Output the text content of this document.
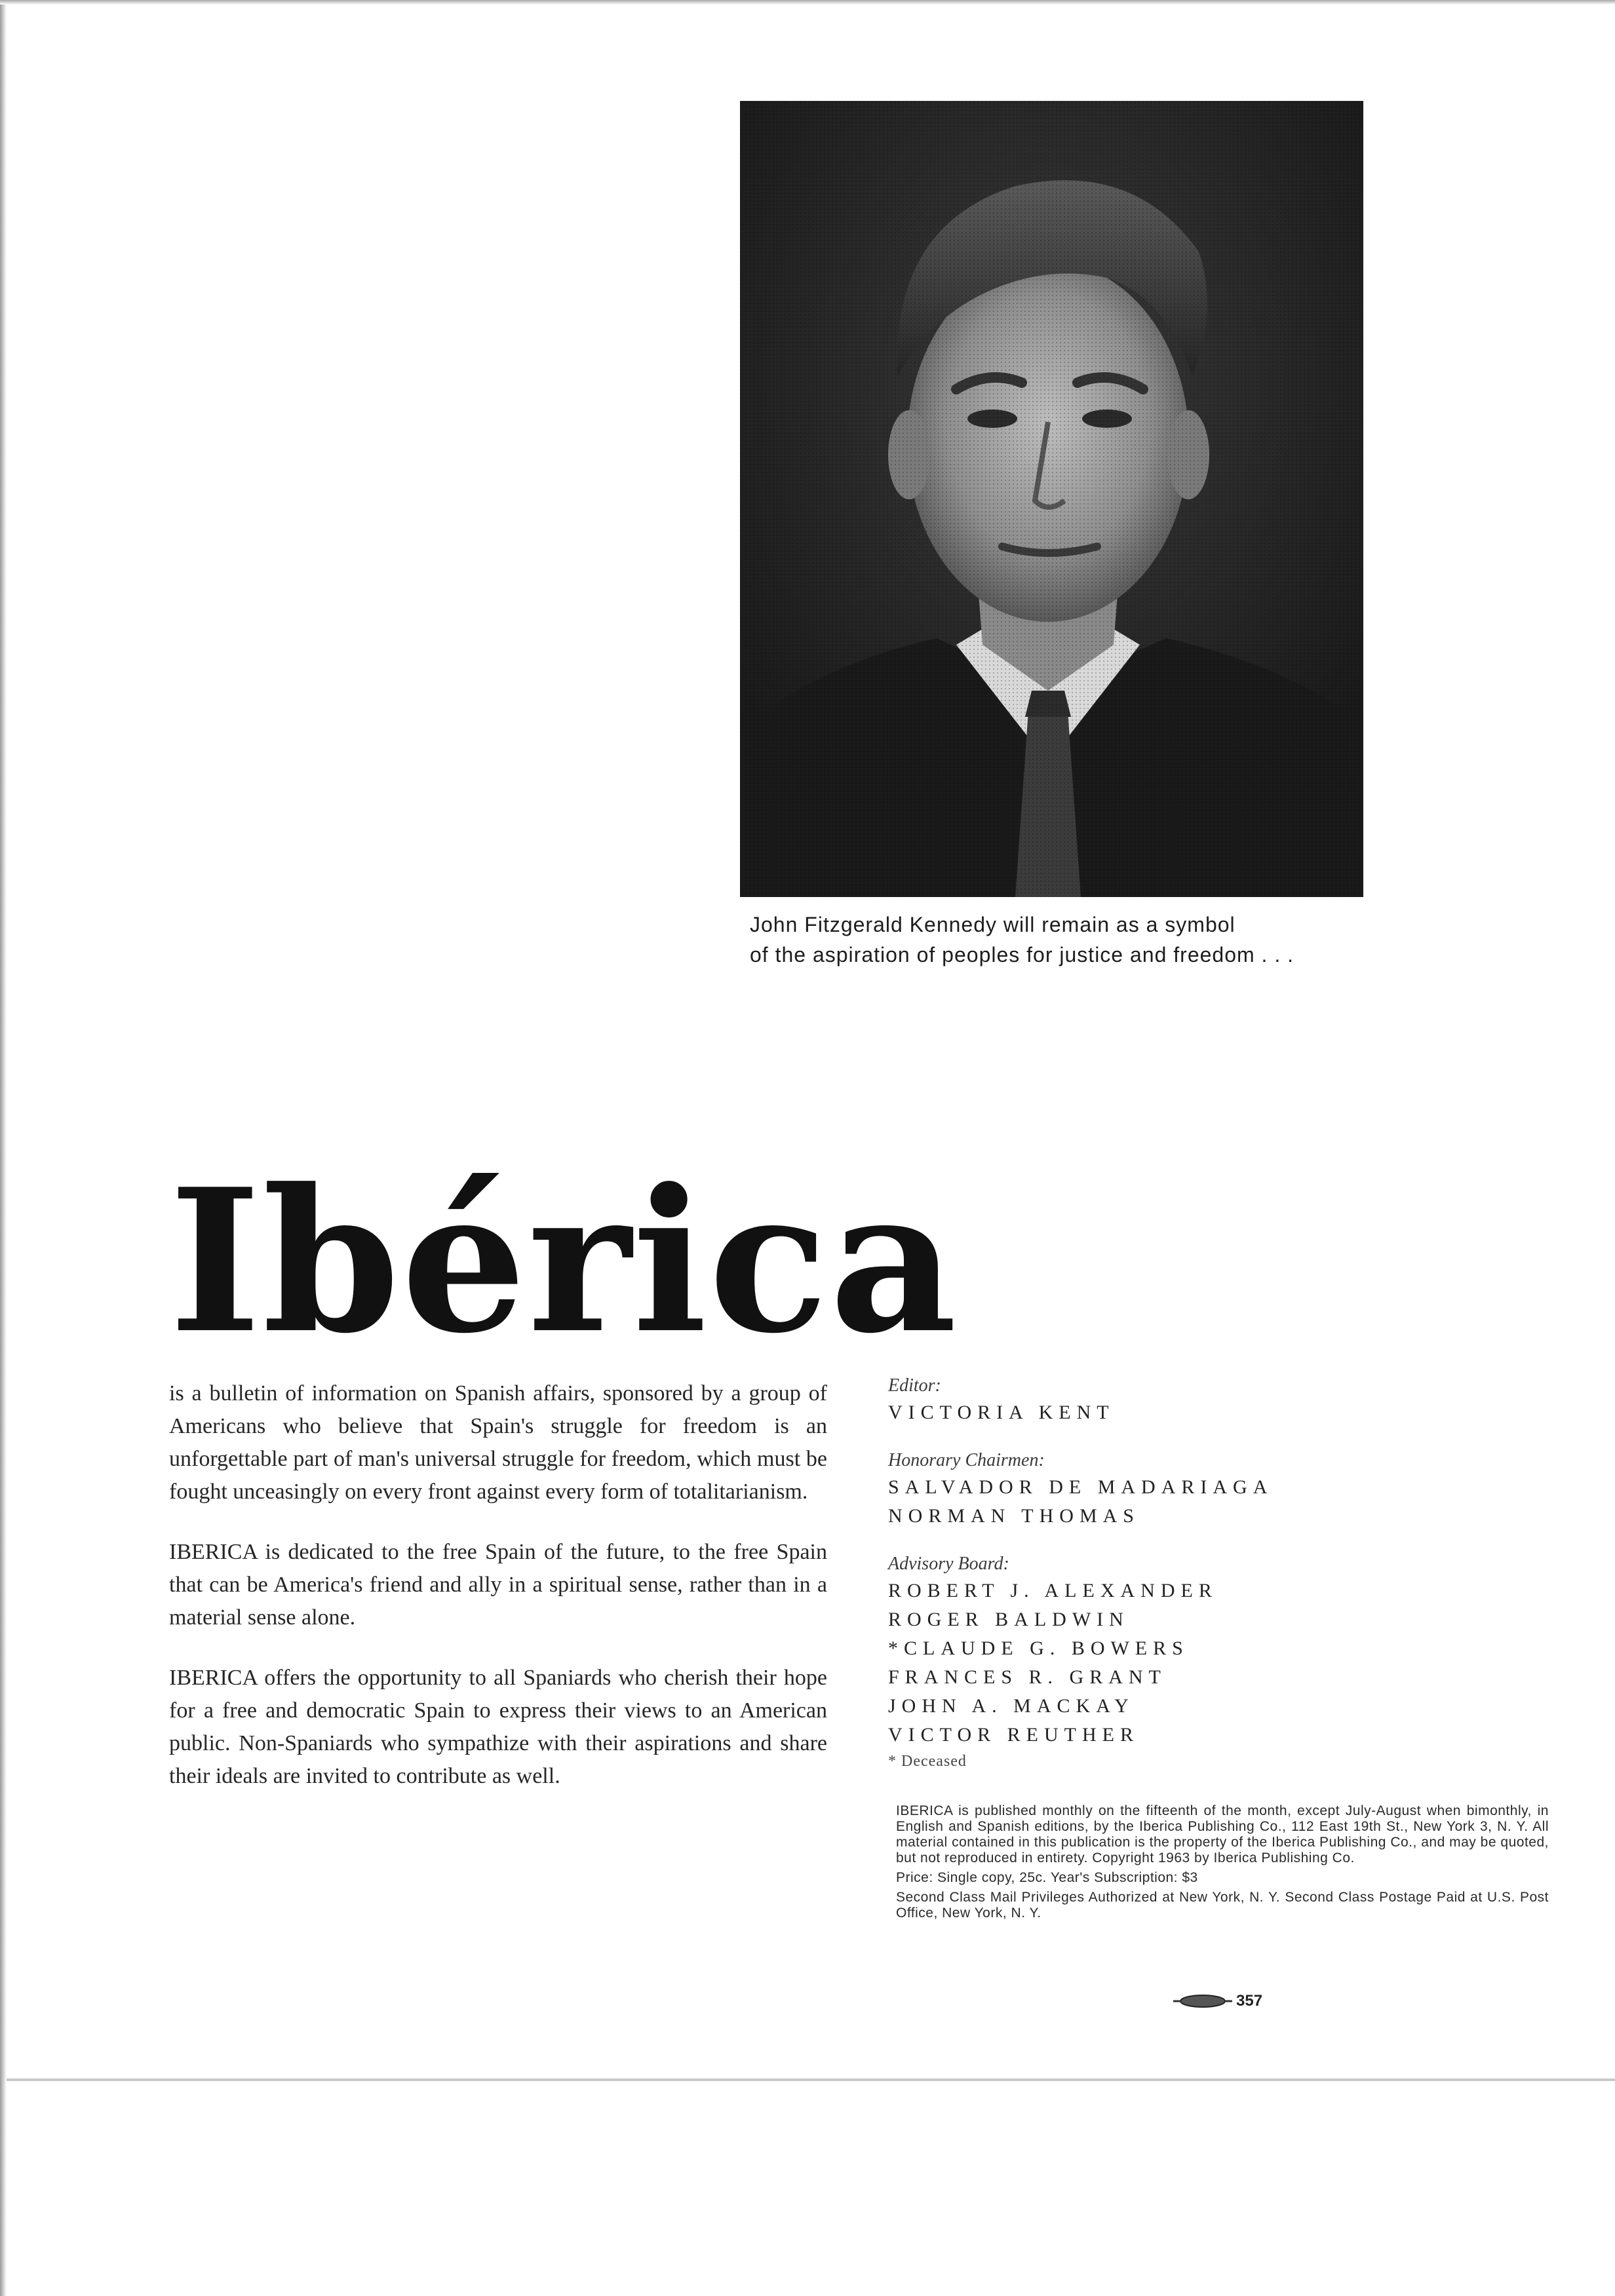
John Fitzgerald Kennedy will remain as a symbol
of the aspiration of peoples for justice and freedom . . .
Ibérica

is a bulletin of information on Spanish affairs, sponsored by a group of Americans who believe that Spain's struggle for freedom is an unforgettable part of man's universal struggle for freedom, which must be fought unceasingly on every front against every form of totalitarianism.

IBERICA is dedicated to the free Spain of the future, to the free Spain that can be America's friend and ally in a spiritual sense, rather than in a material sense alone.

IBERICA offers the opportunity to all Spaniards who cherish their hope for a free and democratic Spain to express their views to an American public. Non-Spaniards who sympathize with their aspirations and share their ideals are invited to contribute as well.

Editor:

VICTORIA KENT

Honorary Chairmen:

SALVADOR DE MADARIAGA

NORMAN THOMAS

Advisory Board:

ROBERT J. ALEXANDER

ROGER BALDWIN

*CLAUDE G. BOWERS

FRANCES R. GRANT

JOHN A. MACKAY

VICTOR REUTHER

* Deceased

IBERICA is published monthly on the fifteenth of the month, except July-August when bimonthly, in English and Spanish editions, by the Iberica Publishing Co., 112 East 19th St., New York 3, N. Y. All material contained in this publication is the property of the Iberica Publishing Co., and may be quoted, but not reproduced in entirety. Copyright 1963 by Iberica Publishing Co.

Price: Single copy, 25c. Year's Subscription: $3

Second Class Mail Privileges Authorized at New York, N. Y. Second Class Postage Paid at U.S. Post Office, New York, N. Y.

357
